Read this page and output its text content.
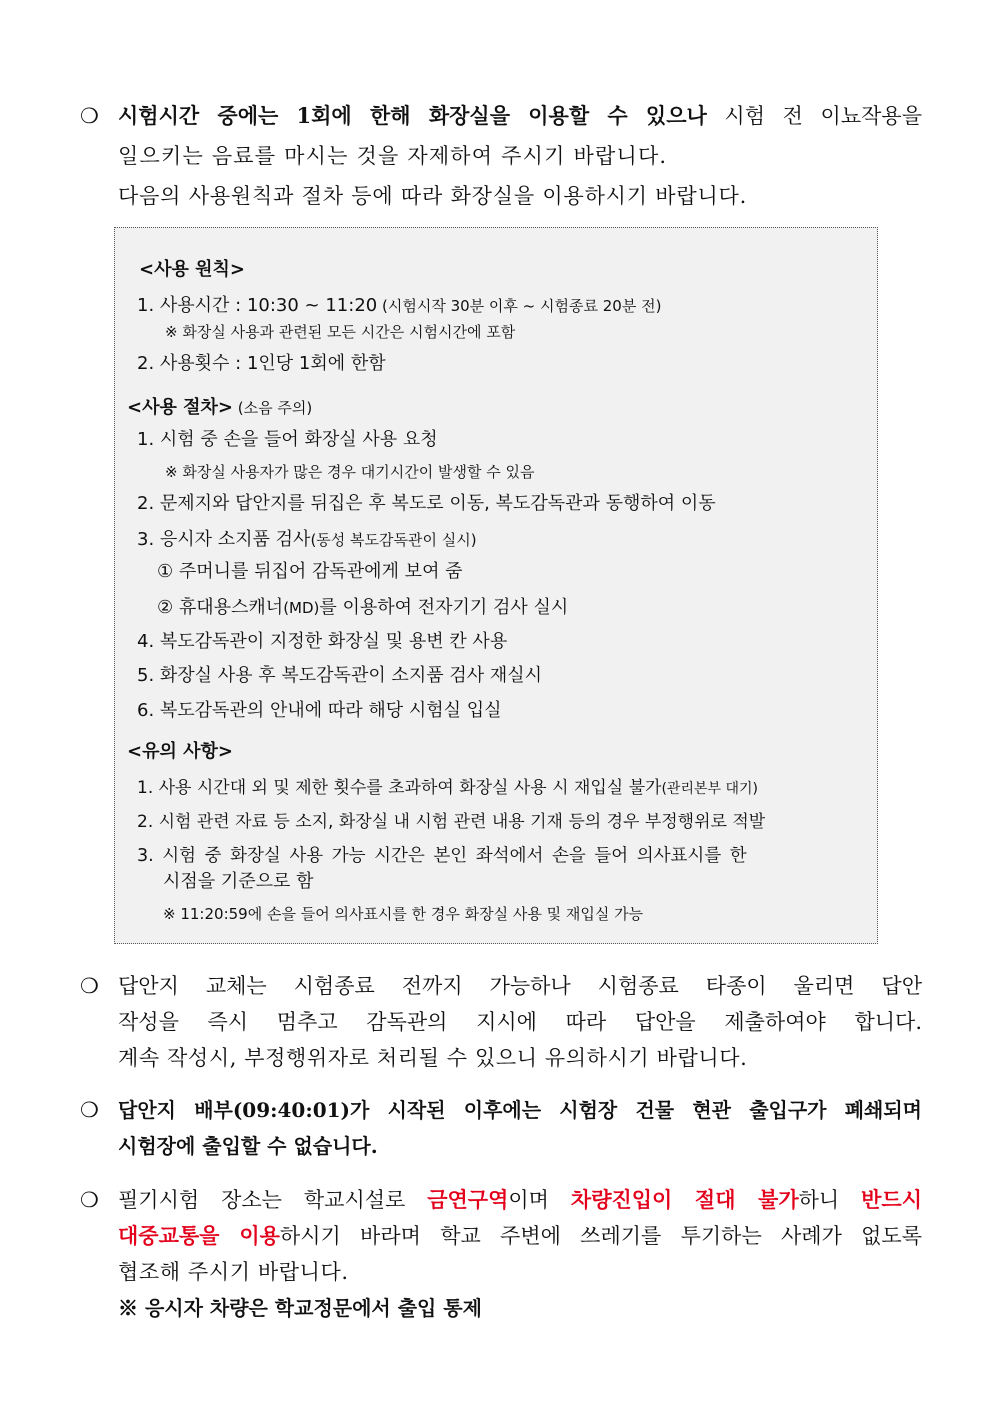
❍ 시험시간 중에는 1회에 한해 화장실을 이용할 수 있으나 시험 전 이뇨작용을
일으키는 음료를 마시는 것을 자제하여 주시기 바랍니다.
다음의 사용원칙과 절차 등에 따라 화장실을 이용하시기 바랍니다.
<사용 원칙>
1. 사용시간 : 10:30 ~ 11:20 (시험시작 30분 이후 ~ 시험종료 20분 전)
※ 화장실 사용과 관련된 모든 시간은 시험시간에 포함
2. 사용횟수 : 1인당 1회에 한함
<사용 절차> (소음 주의)
1. 시험 중 손을 들어 화장실 사용 요청
※ 화장실 사용자가 많은 경우 대기시간이 발생할 수 있음
2. 문제지와 답안지를 뒤집은 후 복도로 이동, 복도감독관과 동행하여 이동
3. 응시자 소지품 검사(동성 복도감독관이 실시)
① 주머니를 뒤집어 감독관에게 보여 줌
② 휴대용스캐너(MD)를 이용하여 전자기기 검사 실시
4. 복도감독관이 지정한 화장실 및 용변 칸 사용
5. 화장실 사용 후 복도감독관이 소지품 검사 재실시
6. 복도감독관의 안내에 따라 해당 시험실 입실
<유의 사항>
1. 사용 시간대 외 및 제한 횟수를 초과하여 화장실 사용 시 재입실 불가(관리본부 대기)
2. 시험 관련 자료 등 소지, 화장실 내 시험 관련 내용 기재 등의 경우 부정행위로 적발
3. 시험 중 화장실 사용 가능 시간은 본인 좌석에서 손을 들어 의사표시를 한
시점을 기준으로 함
※ 11:20:59에 손을 들어 의사표시를 한 경우 화장실 사용 및 재입실 가능
❍ 답안지 교체는 시험종료 전까지 가능하나 시험종료 타종이 울리면 답안
작성을 즉시 멈추고 감독관의 지시에 따라 답안을 제출하여야 합니다.
계속 작성시, 부정행위자로 처리될 수 있으니 유의하시기 바랍니다.
❍ 답안지 배부(09:40:01)가 시작된 이후에는 시험장 건물 현관 출입구가 폐쇄되며
시험장에 출입할 수 없습니다.
❍ 필기시험 장소는 학교시설로 금연구역이며 차량진입이 절대 불가하니 반드시
대중교통을 이용하시기 바라며 학교 주변에 쓰레기를 투기하는 사례가 없도록
협조해 주시기 바랍니다.
※ 응시자 차량은 학교정문에서 출입 통제
